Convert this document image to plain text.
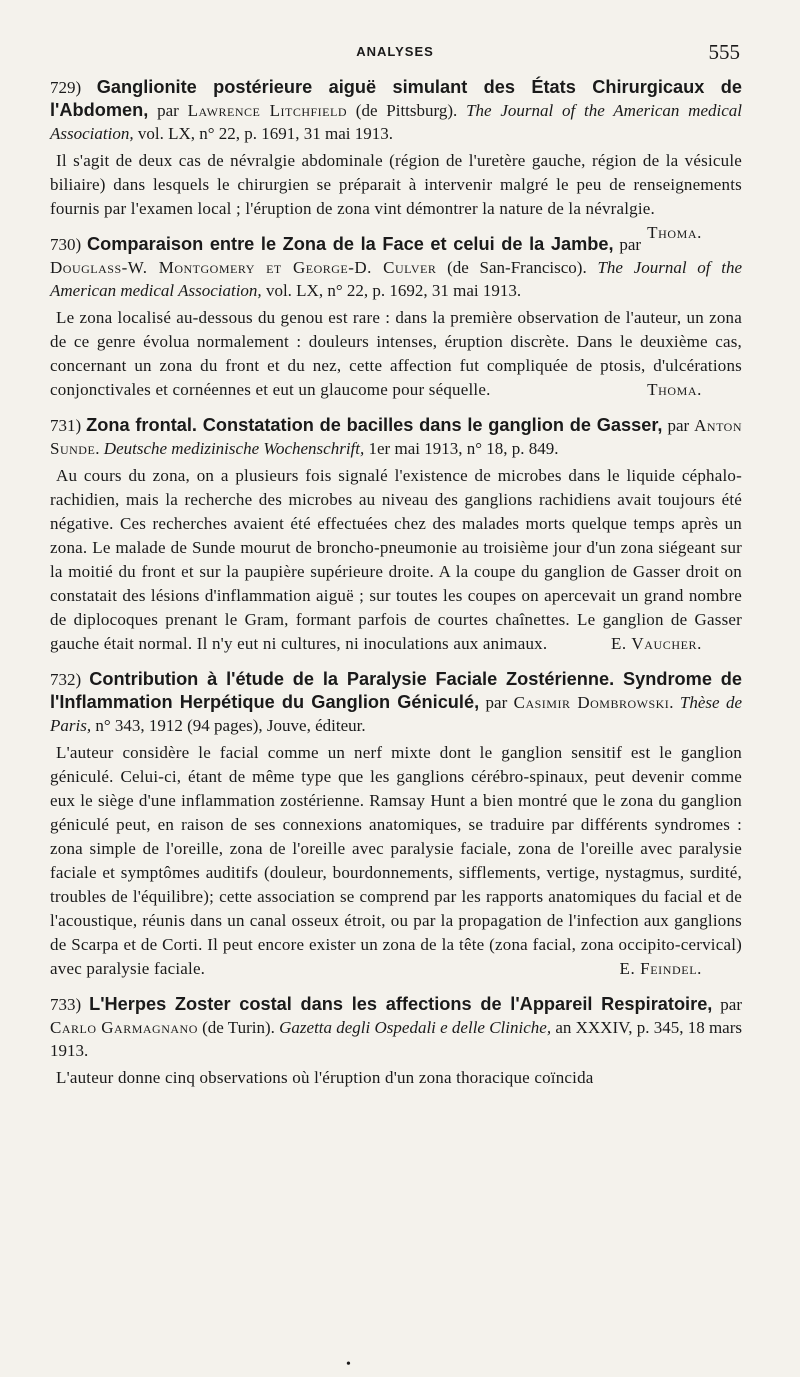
ANALYSES	555

729) Ganglionite postérieure aiguë simulant des États Chirurgicaux de l'Abdomen, par Lawrence Litchfield (de Pittsburg). The Journal of the American medical Association, vol. LX, n° 22, p. 1691, 31 mai 1913.

Il s'agit de deux cas de névralgie abdominale (région de l'uretère gauche, région de la vésicule biliaire) dans lesquels le chirurgien se préparait à intervenir malgré le peu de renseignements fournis par l'examen local ; l'éruption de zona vint démontrer la nature de la névralgie.
Thoma.

730) Comparaison entre le Zona de la Face et celui de la Jambe, par Douglass-W. Montgomery et George-D. Culver (de San-Francisco). The Journal of the American medical Association, vol. LX, n° 22, p. 1692, 31 mai 1913.

Le zona localisé au-dessous du genou est rare : dans la première observation de l'auteur, un zona de ce genre évolua normalement : douleurs intenses, éruption discrète. Dans le deuxième cas, concernant un zona du front et du nez, cette affection fut compliquée de ptosis, d'ulcérations conjonctivales et cornéennes et eut un glaucome pour séquelle.	Thoma.

731) Zona frontal. Constatation de bacilles dans le ganglion de Gasser, par Anton Sunde. Deutsche medizinische Wochenschrift, 1er mai 1913, n° 18, p. 849.

Au cours du zona, on a plusieurs fois signalé l'existence de microbes dans le liquide céphalo-rachidien, mais la recherche des microbes au niveau des ganglions rachidiens avait toujours été négative. Ces recherches avaient été effectuées chez des malades morts quelque temps après un zona. Le malade de Sunde mourut de broncho-pneumonie au troisième jour d'un zona siégeant sur la moitié du front et sur la paupière supérieure droite. A la coupe du ganglion de Gasser droit on constatait des lésions d'inflammation aiguë ; sur toutes les coupes on apercevait un grand nombre de diplocoques prenant le Gram, formant parfois de courtes chaînettes. Le ganglion de Gasser gauche était normal. Il n'y eut ni cultures, ni inoculations aux animaux.	E. Vaucher.

732) Contribution à l'étude de la Paralysie Faciale Zostérienne. Syndrome de l'Inflammation Herpétique du Ganglion Géniculé, par Casimir Dombrowski. Thèse de Paris, n° 343, 1912 (94 pages), Jouve, éditeur.

L'auteur considère le facial comme un nerf mixte dont le ganglion sensitif est le ganglion géniculé. Celui-ci, étant de même type que les ganglions cérébro-spinaux, peut devenir comme eux le siège d'une inflammation zostérienne. Ramsay Hunt a bien montré que le zona du ganglion géniculé peut, en raison de ses connexions anatomiques, se traduire par différents syndromes : zona simple de l'oreille, zona de l'oreille avec paralysie faciale, zona de l'oreille avec paralysie faciale et symptômes auditifs (douleur, bourdonnements, sifflements, vertige, nystagmus, surdité, troubles de l'équilibre); cette association se comprend par les rapports anatomiques du facial et de l'acoustique, réunis dans un canal osseux étroit, ou par la propagation de l'infection aux ganglions de Scarpa et de Corti. Il peut encore exister un zona de la tête (zona facial, zona occipito-cervical) avec paralysie faciale.	E. Feindel.

733) L'Herpes Zoster costal dans les affections de l'Appareil Respiratoire, par Carlo Garmagnano (de Turin). Gazetta degli Ospedali e delle Cliniche, an XXXIV, p. 345, 18 mars 1913.

L'auteur donne cinq observations où l'éruption d'un zona thoracique coïncida

•
